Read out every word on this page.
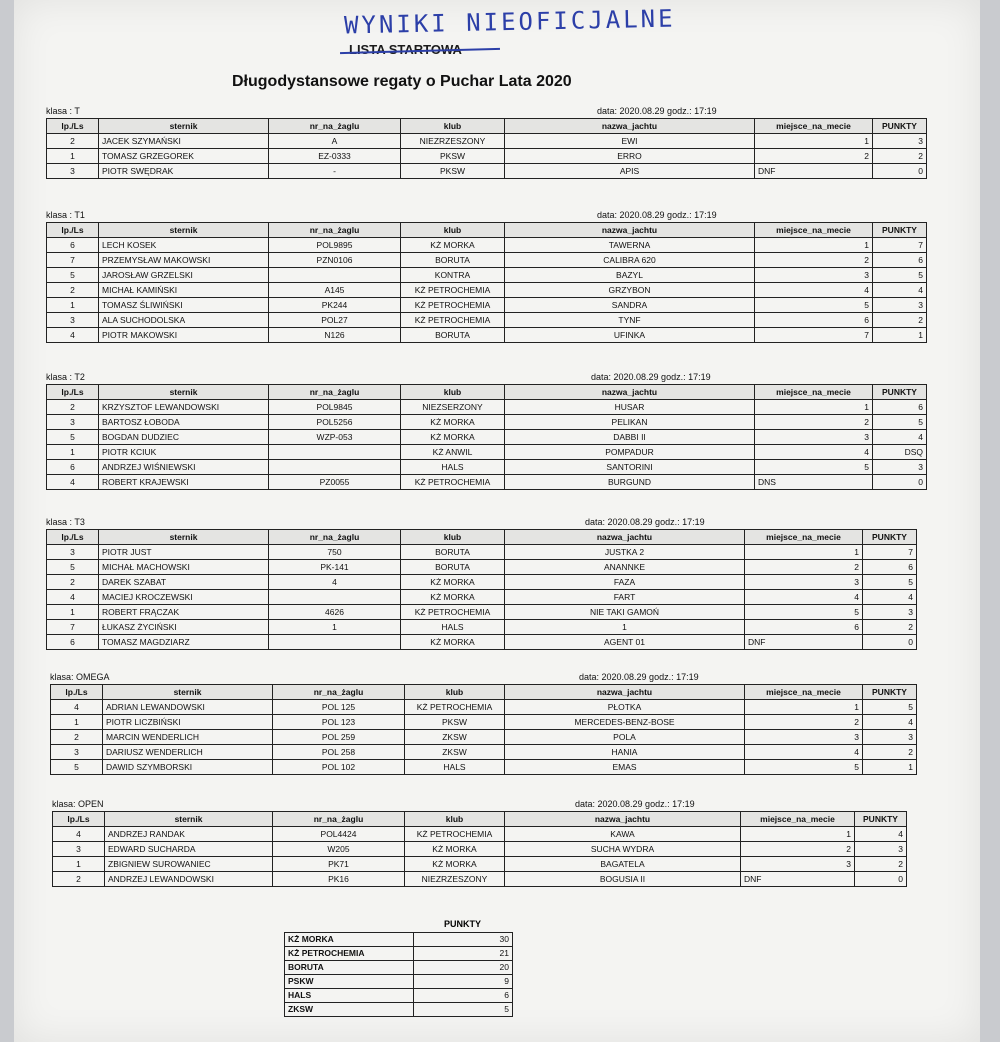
WYNIKI NIEOFICJALNE
LISTA STARTOWA
Długodystansowe regaty o Puchar Lata 2020
klasa : T	data: 2020.08.29 godz.: 17:19
lp./Ls	sternik	nr_na_żaglu	klub	nazwa_jachtu	miejsce_na_mecie	PUNKTY
2	JACEK SZYMAŃSKI	A	NIEZRZESZONY	EWI	1	3
1	TOMASZ GRZEGOREK	EZ-0333	PKSW	ERRO	2	2
3	PIOTR SWĘDRAK	-	PKSW	APIS	DNF	0
klasa : T1	data: 2020.08.29 godz.: 17:19
lp./Ls	sternik	nr_na_żaglu	klub	nazwa_jachtu	miejsce_na_mecie	PUNKTY
6	LECH KOSEK	POL9895	KŻ MORKA	TAWERNA	1	7
7	PRZEMYSŁAW MAKOWSKI	PZN0106	BORUTA	CALIBRA 620	2	6
5	JAROSŁAW GRZELSKI		KONTRA	BAZYL	3	5
2	MICHAŁ KAMIŃSKI	A145	KŻ PETROCHEMIA	GRZYBON	4	4
1	TOMASZ ŚLIWIŃSKI	PK244	KŻ PETROCHEMIA	SANDRA	5	3
3	ALA SUCHODOLSKA	POL27	KŻ PETROCHEMIA	TYNF	6	2
4	PIOTR MAKOWSKI	N126	BORUTA	UFINKA	7	1
klasa : T2	data: 2020.08.29 godz.: 17:19
lp./Ls	sternik	nr_na_żaglu	klub	nazwa_jachtu	miejsce_na_mecie	PUNKTY
2	KRZYSZTOF LEWANDOWSKI	POL9845	NIEZSERZONY	HUSAR	1	6
3	BARTOSZ ŁOBODA	POL5256	KŻ MORKA	PELIKAN	2	5
5	BOGDAN DUDZIEC	WZP-053	KŻ MORKA	DABBI II	3	4
1	PIOTR KCIUK		KŻ ANWIL	POMPADUR	4	DSQ
6	ANDRZEJ WIŚNIEWSKI		HALS	SANTORINI	5	3
4	ROBERT KRAJEWSKI	PZ0055	KŻ PETROCHEMIA	BURGUND	DNS	0
klasa : T3	data: 2020.08.29 godz.: 17:19
lp./Ls	sternik	nr_na_żaglu	klub	nazwa_jachtu	miejsce_na_mecie	PUNKTY
3	PIOTR JUST	750	BORUTA	JUSTKA 2	1	7
5	MICHAŁ MACHOWSKI	PK-141	BORUTA	ANANNKE	2	6
2	DAREK SZABAT	4	KŻ MORKA	FAZA	3	5
4	MACIEJ KROCZEWSKI		KŻ MORKA	FART	4	4
1	ROBERT FRĄCZAK	4626	KŻ PETROCHEMIA	NIE TAKI GAMOŃ	5	3
7	ŁUKASZ ŻYCIŃSKI	1	HALS	1	6	2
6	TOMASZ MAGDZIARZ		KŻ MORKA	AGENT 01	DNF	0
klasa: OMEGA	data: 2020.08.29 godz.: 17:19
lp./Ls	sternik	nr_na_żaglu	klub	nazwa_jachtu	miejsce_na_mecie	PUNKTY
4	ADRIAN LEWANDOWSKI	POL 125	KŻ PETROCHEMIA	PŁOTKA	1	5
1	PIOTR LICZBIŃSKI	POL 123	PKSW	MERCEDES-BENZ-BOSE	2	4
2	MARCIN WENDERLICH	POL 259	ZKSW	POLA	3	3
3	DARIUSZ WENDERLICH	POL 258	ZKSW	HANIA	4	2
5	DAWID SZYMBORSKI	POL 102	HALS	EMAS	5	1
klasa: OPEN	data: 2020.08.29 godz.: 17:19
lp./Ls	sternik	nr_na_żaglu	klub	nazwa_jachtu	miejsce_na_mecie	PUNKTY
4	ANDRZEJ RANDAK	POL4424	KŻ PETROCHEMIA	KAWA	1	4
3	EDWARD SUCHARDA	W205	KŻ MORKA	SUCHA WYDRA	2	3
1	ZBIGNIEW SUROWANIEC	PK71	KŻ MORKA	BAGATELA	3	2
2	ANDRZEJ LEWANDOWSKI	PK16	NIEZRZESZONY	BOGUSIA II	DNF	0
PUNKTY
KŻ MORKA	30
KŻ PETROCHEMIA	21
BORUTA	20
PSKW	9
HALS	6
ZKSW	5
